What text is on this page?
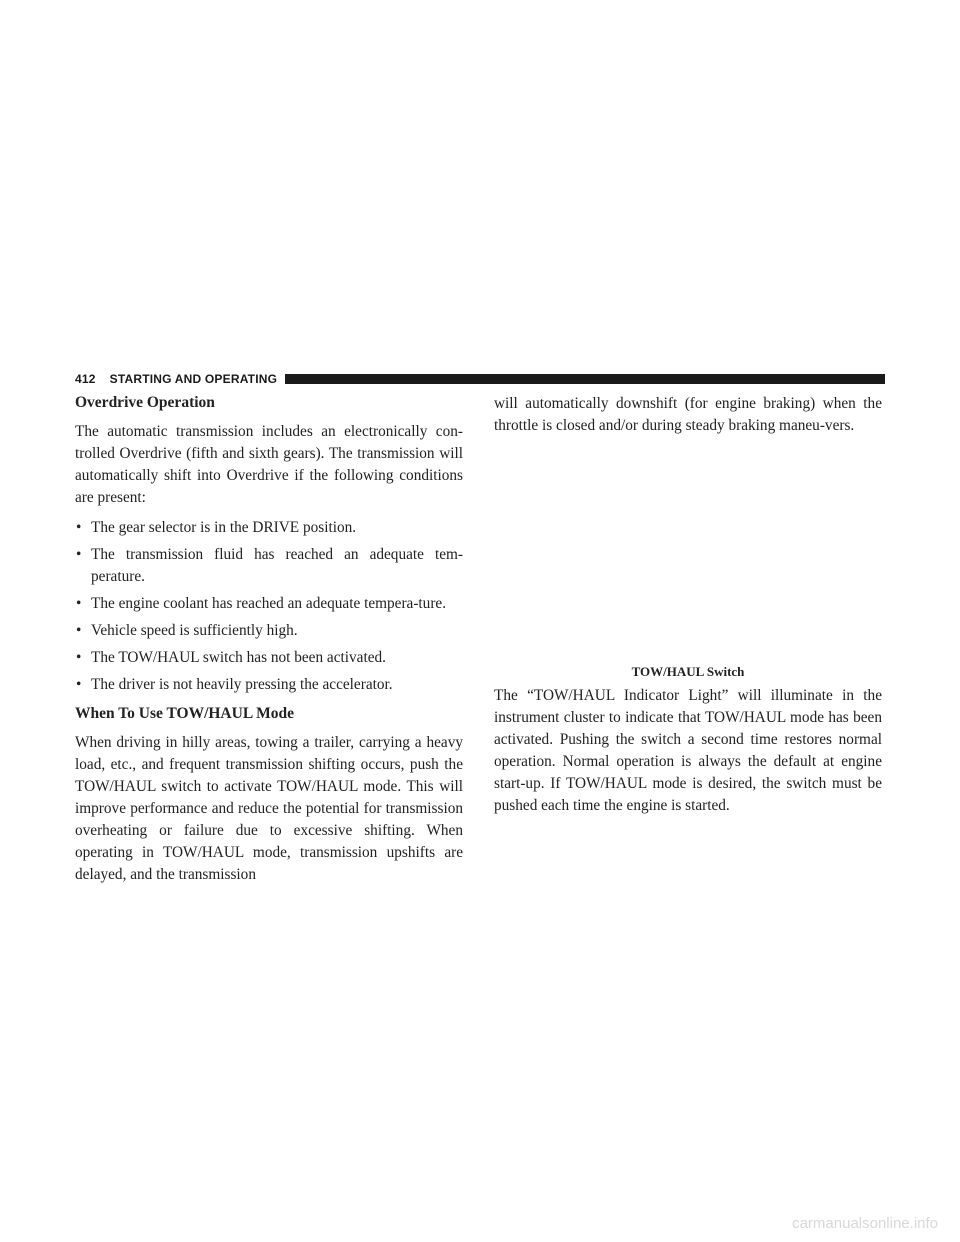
412 STARTING AND OPERATING
Overdrive Operation

The automatic transmission includes an electronically con-trolled Overdrive (fifth and sixth gears). The transmission will automatically shift into Overdrive if the following conditions are present:

• The gear selector is in the DRIVE position.
• The transmission fluid has reached an adequate tem-perature.
• The engine coolant has reached an adequate tempera-ture.
• Vehicle speed is sufficiently high.
• The TOW/HAUL switch has not been activated.
• The driver is not heavily pressing the accelerator.
When To Use TOW/HAUL Mode

When driving in hilly areas, towing a trailer, carrying a heavy load, etc., and frequent transmission shifting occurs, push the TOW/HAUL switch to activate TOW/HAUL mode. This will improve performance and reduce the potential for transmission overheating or failure due to excessive shifting. When operating in TOW/HAUL mode, transmission upshifts are delayed, and the transmission

will automatically downshift (for engine braking) when the throttle is closed and/or during steady braking maneu-vers.

TOW/HAUL Switch

The “TOW/HAUL Indicator Light” will illuminate in the instrument cluster to indicate that TOW/HAUL mode has been activated. Pushing the switch a second time restores normal operation. Normal operation is always the default at engine start-up. If TOW/HAUL mode is desired, the switch must be pushed each time the engine is started.

carmanualsonline.info
